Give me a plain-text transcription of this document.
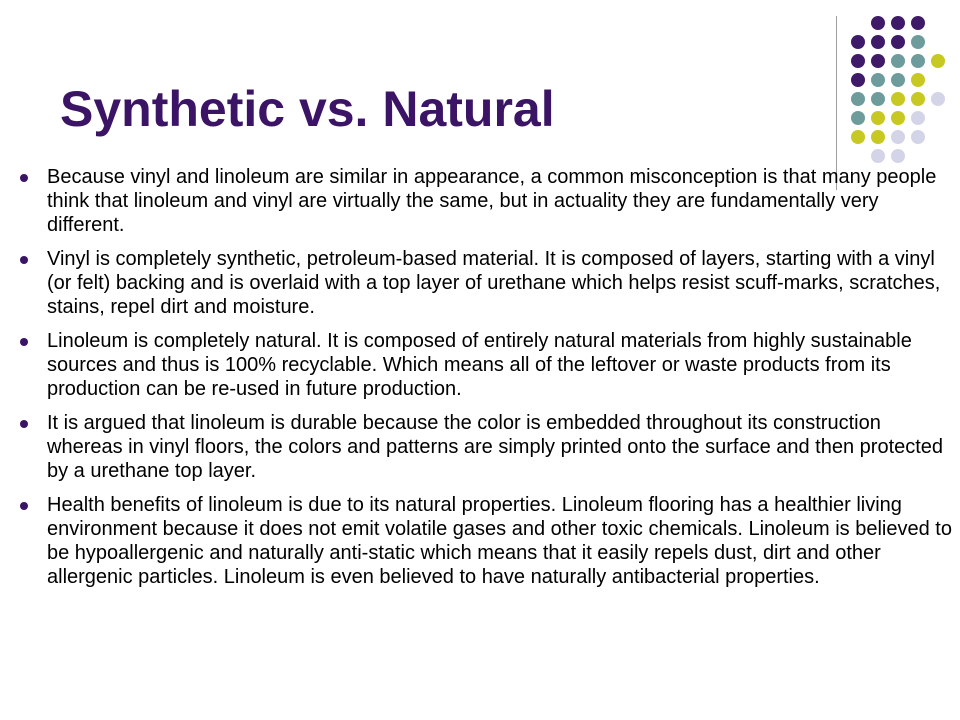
Synthetic vs. Natural
Because vinyl and linoleum are similar in appearance, a common misconception is that many people think that linoleum and vinyl are virtually the same, but in actuality they are fundamentally very different.
Vinyl is completely synthetic, petroleum-based material. It is composed of layers, starting with a vinyl (or felt) backing and is overlaid with a top layer of urethane which helps resist scuff-marks, scratches, stains, repel dirt and moisture.
Linoleum is completely natural. It is composed of entirely natural materials from highly sustainable sources and thus is 100% recyclable. Which means all of the leftover or waste products from its production can be re-used in future production.
It is argued that linoleum is durable because the color is embedded throughout its construction whereas in vinyl floors, the colors and patterns are simply printed onto the surface and then protected by a urethane top layer.
Health benefits of linoleum is due to its natural properties. Linoleum flooring has a healthier living environment because it does not emit volatile gases and other toxic chemicals. Linoleum is believed to be hypoallergenic and naturally anti-static which means that it easily repels dust, dirt and other allergenic particles. Linoleum is even believed to have naturally antibacterial properties.
